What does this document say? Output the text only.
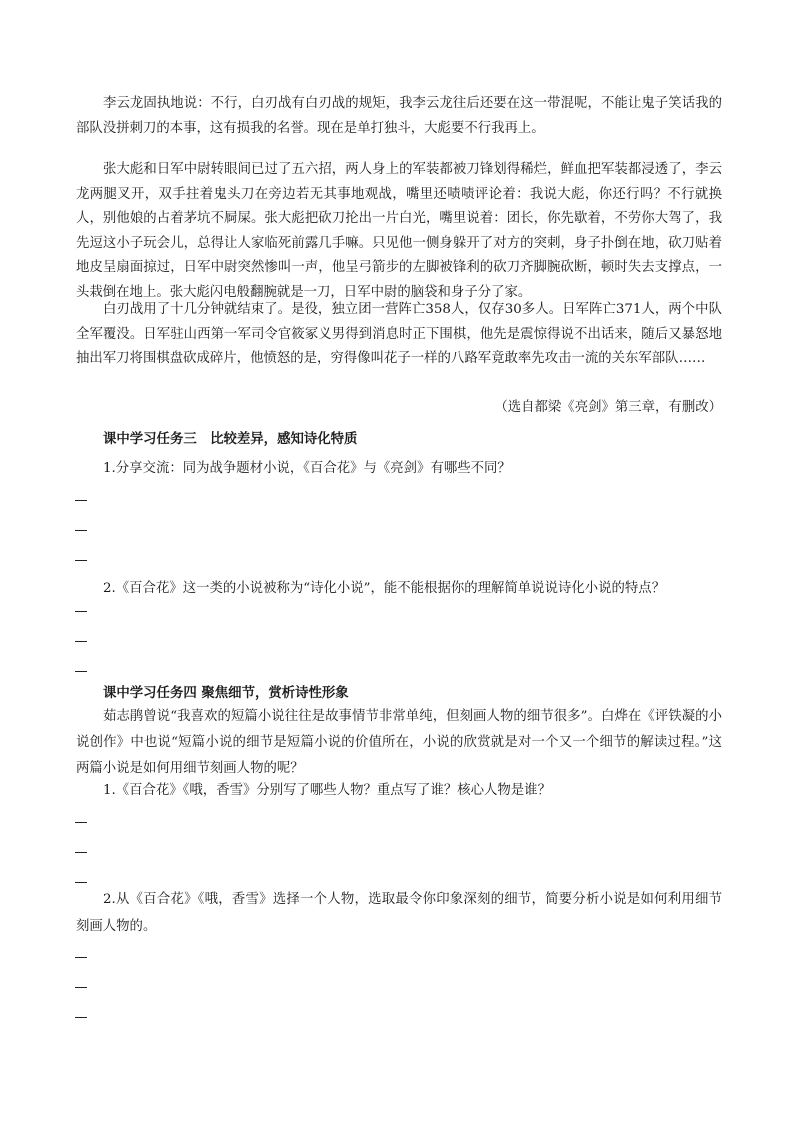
李云龙固执地说：不行，白刃战有白刃战的规矩，我李云龙往后还要在这一带混呢，不能让鬼子笑话我的部队没拼刺刀的本事，这有损我的名誉。现在是单打独斗，大彪要不行我再上。

张大彪和日军中尉转眼间已过了五六招，两人身上的军装都被刀锋划得稀烂，鲜血把军装都浸透了，李云龙两腿叉开，双手拄着鬼头刀在旁边若无其事地观战，嘴里还啧啧评论着：我说大彪，你还行吗？不行就换人，别他娘的占着茅坑不屙屎。张大彪把砍刀抡出一片白光，嘴里说着：团长，你先歇着，不劳你大驾了，我先逗这小子玩会儿，总得让人家临死前露几手嘛。只见他一侧身躲开了对方的突刺，身子扑倒在地，砍刀贴着地皮呈扇面掠过，日军中尉突然惨叫一声，他呈弓箭步的左脚被锋利的砍刀齐脚腕砍断，顿时失去支撑点，一头栽倒在地上。张大彪闪电般翻腕就是一刀，日军中尉的脑袋和身子分了家。

白刃战用了十几分钟就结束了。是役，独立团一营阵亡358人，仅存30多人。日军阵亡371人，两个中队全军覆没。日军驻山西第一军司令官筱冢义男得到消息时正下围棋，他先是震惊得说不出话来，随后又暴怒地抽出军刀将围棋盘砍成碎片，他愤怒的是，穷得像叫花子一样的八路军竟敢率先攻击一流的关东军部队……

（选自都梁《亮剑》第三章，有删改）
课中学习任务三　比较差异，感知诗化特质

1.分享交流：同为战争题材小说，《百合花》与《亮剑》有哪些不同？

2.《百合花》这一类的小说被称为“诗化小说”，能不能根据你的理解简单说说诗化小说的特点？

课中学习任务四 聚焦细节，赏析诗性形象

茹志鹃曾说“我喜欢的短篇小说往往是故事情节非常单纯，但刻画人物的细节很多”。白烨在《评铁凝的小说创作》中也说“短篇小说的细节是短篇小说的价值所在，小说的欣赏就是对一个又一个细节的解读过程。”这两篇小说是如何用细节刻画人物的呢？

1.《百合花》《哦，香雪》分别写了哪些人物？重点写了谁？核心人物是谁？

2.从《百合花》《哦，香雪》选择一个人物，选取最令你印象深刻的细节，简要分析小说是如何利用细节刻画人物的。
